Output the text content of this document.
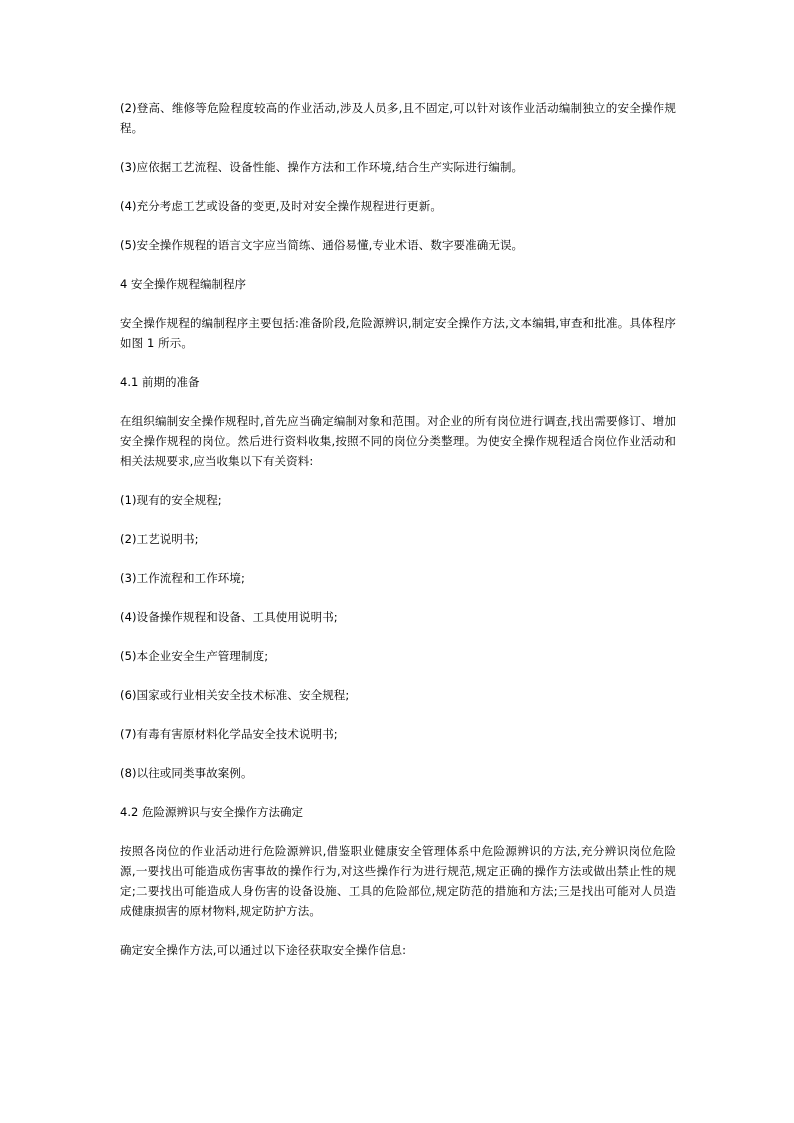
(2)登高、维修等危险程度较高的作业活动,涉及人员多,且不固定,可以针对该作业活动编制独立的安全操作规程。

(3)应依据工艺流程、设备性能、操作方法和工作环境,结合生产实际进行编制。

(4)充分考虑工艺或设备的变更,及时对安全操作规程进行更新。

(5)安全操作规程的语言文字应当简练、通俗易懂,专业术语、数字要准确无误。

4 安全操作规程编制程序

安全操作规程的编制程序主要包括:准备阶段,危险源辨识,制定安全操作方法,文本编辑,审查和批准。具体程序如图 1 所示。

4.1 前期的准备

在组织编制安全操作规程时,首先应当确定编制对象和范围。对企业的所有岗位进行调查,找出需要修订、增加安全操作规程的岗位。然后进行资料收集,按照不同的岗位分类整理。为使安全操作规程适合岗位作业活动和相关法规要求,应当收集以下有关资料:

(1)现有的安全规程;

(2)工艺说明书;

(3)工作流程和工作环境;

(4)设备操作规程和设备、工具使用说明书;

(5)本企业安全生产管理制度;

(6)国家或行业相关安全技术标准、安全规程;

(7)有毒有害原材料化学品安全技术说明书;

(8)以往或同类事故案例。

4.2 危险源辨识与安全操作方法确定

按照各岗位的作业活动进行危险源辨识,借鉴职业健康安全管理体系中危险源辨识的方法,充分辨识岗位危险源,一要找出可能造成伤害事故的操作行为,对这些操作行为进行规范,规定正确的操作方法或做出禁止性的规定;二要找出可能造成人身伤害的设备设施、工具的危险部位,规定防范的措施和方法;三是找出可能对人员造成健康损害的原材物料,规定防护方法。

确定安全操作方法,可以通过以下途径获取安全操作信息:
